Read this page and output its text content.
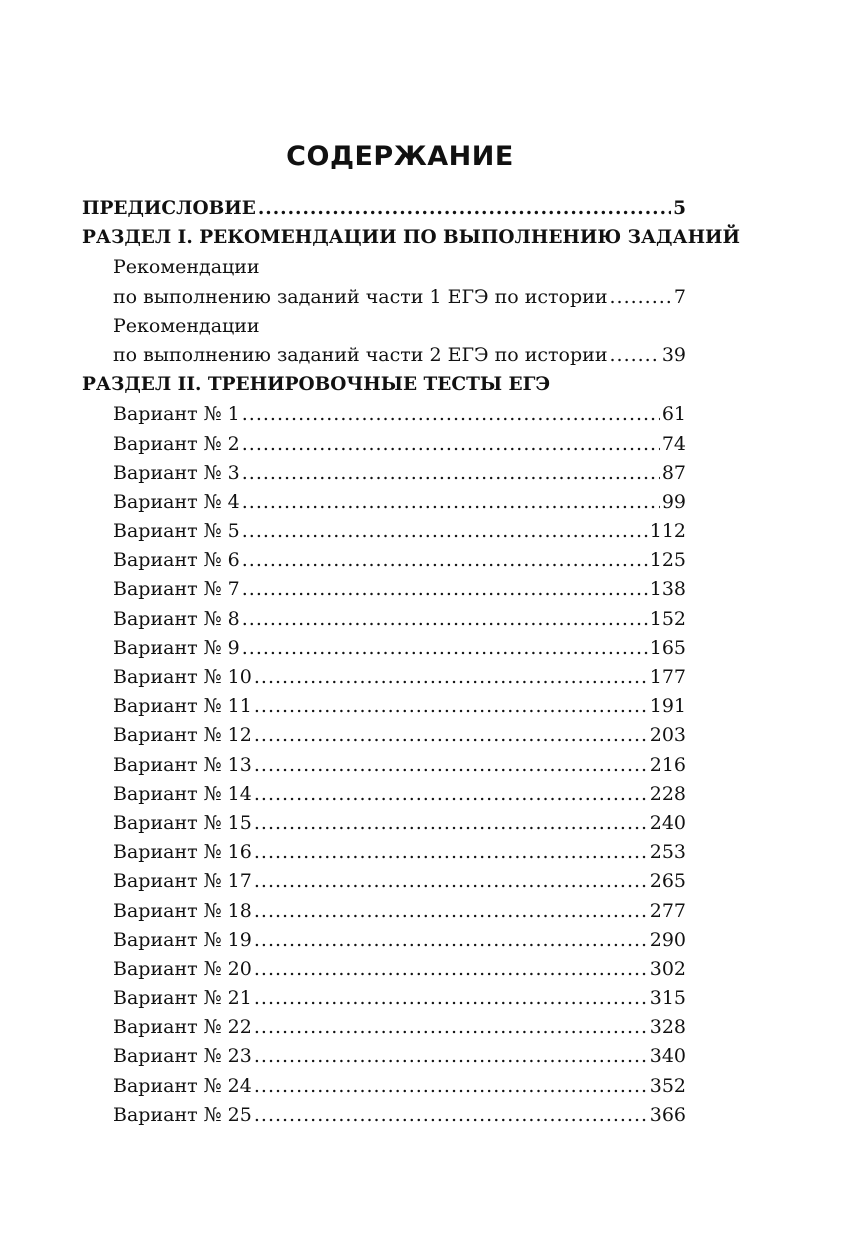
СОДЕРЖАНИЕ
ПРЕДИСЛОВИЕ .....	5
РАЗДЕЛ I. РЕКОМЕНДАЦИИ ПО ВЫПОЛНЕНИЮ ЗАДАНИЙ
Рекомендации
по выполнению заданий части 1 ЕГЭ по истории .....	7
Рекомендации
по выполнению заданий части 2 ЕГЭ по истории .....	39
РАЗДЕЛ II. ТРЕНИРОВОЧНЫЕ ТЕСТЫ ЕГЭ
Вариант № 1 .....	61
Вариант № 2 .....	74
Вариант № 3 .....	87
Вариант № 4 .....	99
Вариант № 5 .....	112
Вариант № 6 .....	125
Вариант № 7 .....	138
Вариант № 8 .....	152
Вариант № 9 .....	165
Вариант № 10 .....	177
Вариант № 11 .....	191
Вариант № 12 .....	203
Вариант № 13 .....	216
Вариант № 14 .....	228
Вариант № 15 .....	240
Вариант № 16 .....	253
Вариант № 17 .....	265
Вариант № 18 .....	277
Вариант № 19 .....	290
Вариант № 20 .....	302
Вариант № 21 .....	315
Вариант № 22 .....	328
Вариант № 23 .....	340
Вариант № 24 .....	352
Вариант № 25 .....	366
